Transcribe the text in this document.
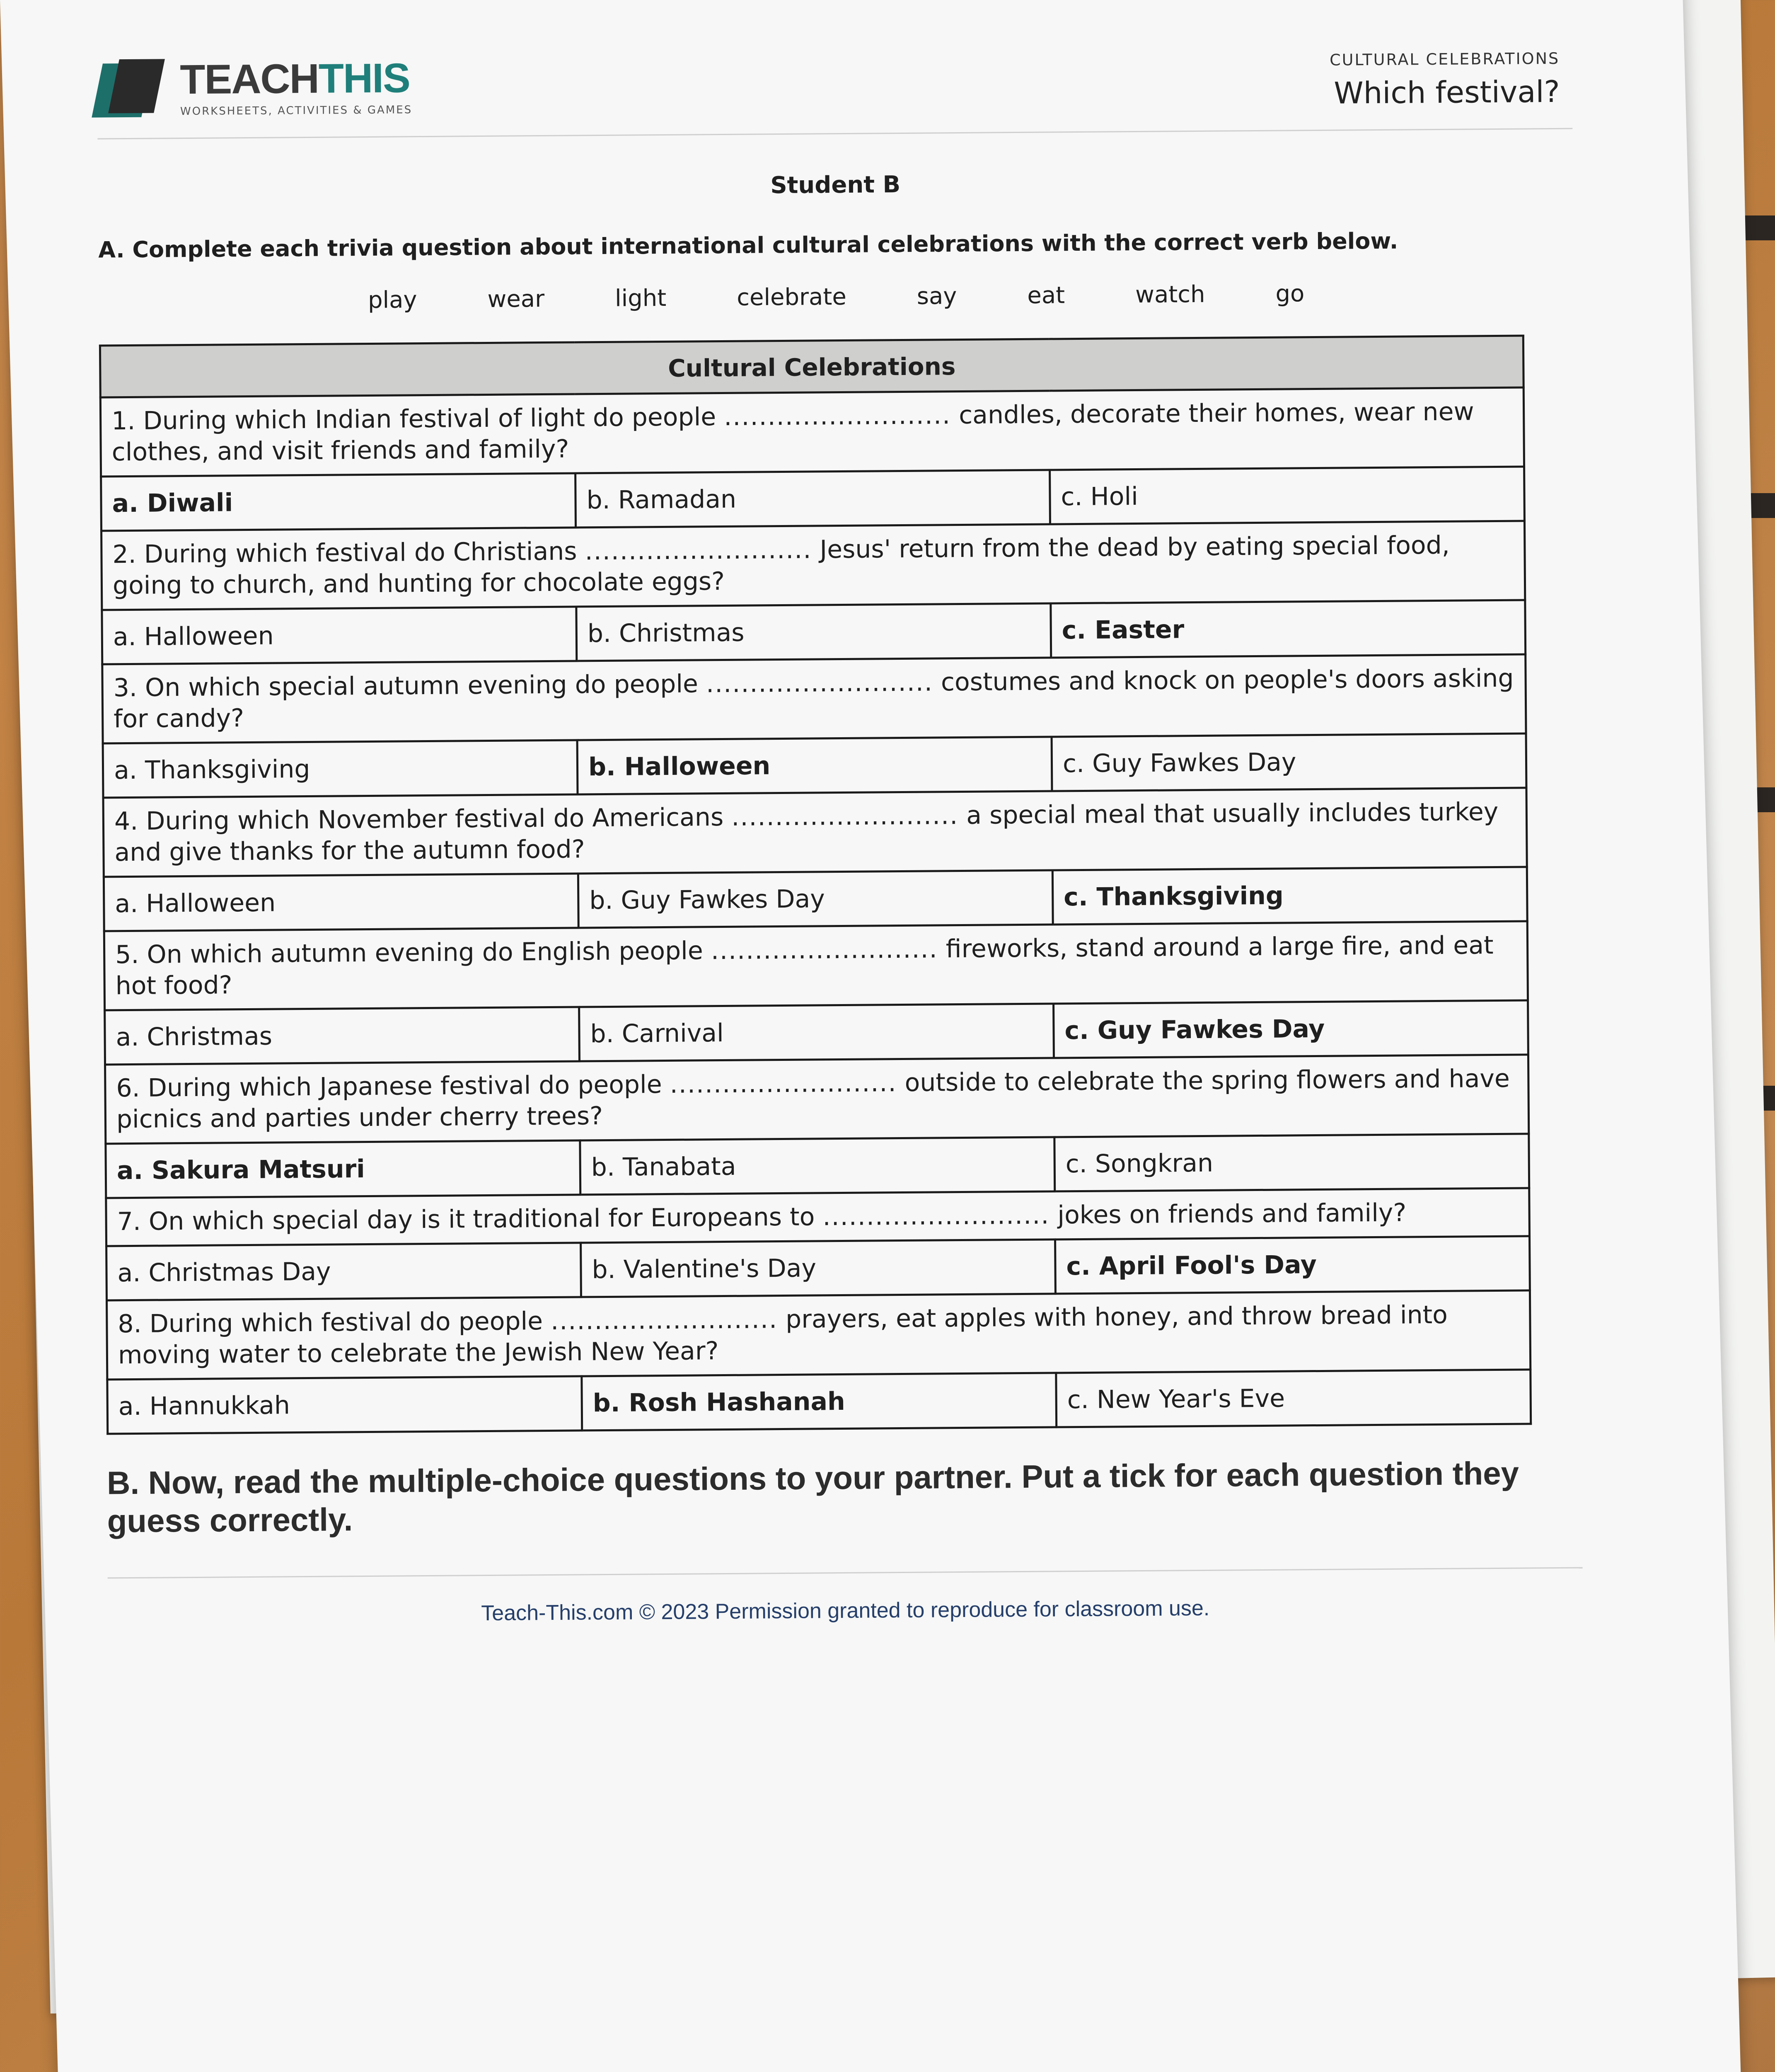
TEACHTHIS
WORKSHEETS, ACTIVITIES & GAMES
CULTURAL CELEBRATIONS
Which festival?
Student B
A. Complete each trivia question about international cultural celebrations with the correct verb below.
play	wear	light	celebrate	say	eat	watch	go
Cultural Celebrations		
1. During which Indian festival of light do people .......................... candles, decorate their homes, wear new clothes, and visit friends and family?		
a. Diwali	b. Ramadan	c. Holi
2. During which festival do Christians .......................... Jesus' return from the dead by eating special food, going to church, and hunting for chocolate eggs?		
a. Halloween	b. Christmas	c. Easter
3. On which special autumn evening do people .......................... costumes and knock on people's doors asking for candy?		
a. Thanksgiving	b. Halloween	c. Guy Fawkes Day
4. During which November festival do Americans .......................... a special meal that usually includes turkey and give thanks for the autumn food?		
a. Halloween	b. Guy Fawkes Day	c. Thanksgiving
5. On which autumn evening do English people .......................... fireworks, stand around a large fire, and eat hot food?		
a. Christmas	b. Carnival	c. Guy Fawkes Day
6. During which Japanese festival do people .......................... outside to celebrate the spring flowers and have picnics and parties under cherry trees?		
a. Sakura Matsuri	b. Tanabata	c. Songkran
7. On which special day is it traditional for Europeans to .......................... jokes on friends and family?		
a. Christmas Day	b. Valentine's Day	c. April Fool's Day
8. During which festival do people .......................... prayers, eat apples with honey, and throw bread into moving water to celebrate the Jewish New Year?		
a. Hannukkah	b. Rosh Hashanah	c. New Year's Eve
B. Now, read the multiple-choice questions to your partner. Put a tick for each question they guess correctly.
Teach-This.com © 2023 Permission granted to reproduce for classroom use.
